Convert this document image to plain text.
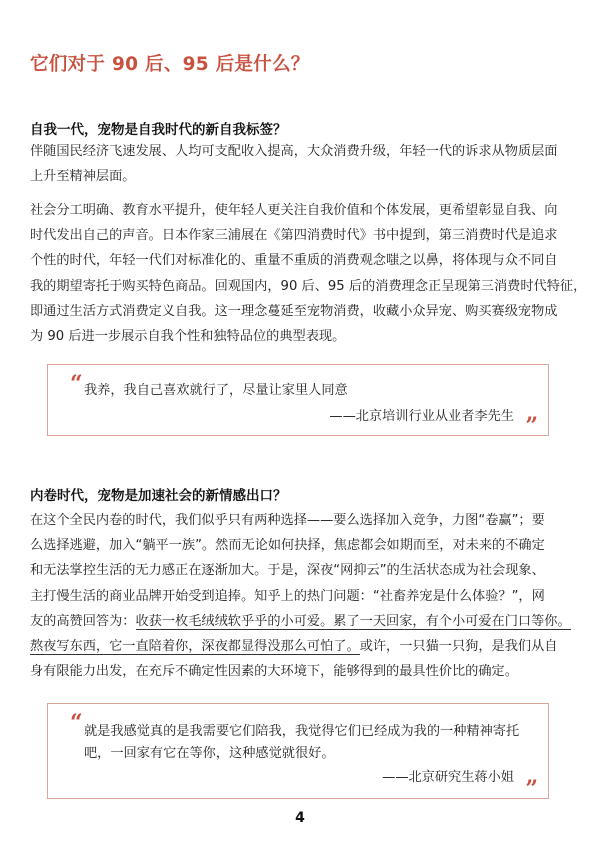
它们对于 90 后、95 后是什么？
自我一代，宠物是自我时代的新自我标签？
伴随国民经济飞速发展、人均可支配收入提高，大众消费升级，年轻一代的诉求从物质层面
上升至精神层面。
社会分工明确、教育水平提升，使年轻人更关注自我价值和个体发展，更希望彰显自我、向
时代发出自己的声音。日本作家三浦展在《第四消费时代》书中提到，第三消费时代是追求
个性的时代，年轻一代们对标准化的、重量不重质的消费观念嗤之以鼻，将体现与众不同自
我的期望寄托于购买特色商品。回观国内，90 后、95 后的消费理念正呈现第三消费时代特征，
即通过生活方式消费定义自我。这一理念蔓延至宠物消费，收藏小众异宠、购买赛级宠物成
为 90 后进一步展示自我个性和独特品位的典型表现。
“ 我养，我自己喜欢就行了，尽量让家里人同意
——北京培训行业从业者李先生 ”
内卷时代，宠物是加速社会的新情感出口？
在这个全民内卷的时代，我们似乎只有两种选择——要么选择加入竞争，力图“卷赢”；要
么选择逃避，加入“躺平一族”。然而无论如何抉择，焦虑都会如期而至，对未来的不确定
和无法掌控生活的无力感正在逐渐加大。于是，深夜“网抑云”的生活状态成为社会现象、
主打慢生活的商业品牌开始受到追捧。知乎上的热门问题：“社畜养宠是什么体验？”，网
友的高赞回答为：收获一枚毛绒绒软乎乎的小可爱。累了一天回家，有个小可爱在门口等你。
熬夜写东西，它一直陪着你，深夜都显得没那么可怕了。或许，一只猫一只狗，是我们从自
身有限能力出发，在充斥不确定性因素的大环境下，能够得到的最具性价比的确定。
“ 就是我感觉真的是我需要它们陪我，我觉得它们已经成为我的一种精神寄托
吧，一回家有它在等你，这种感觉就很好。
——北京研究生蒋小姐 ”
4
